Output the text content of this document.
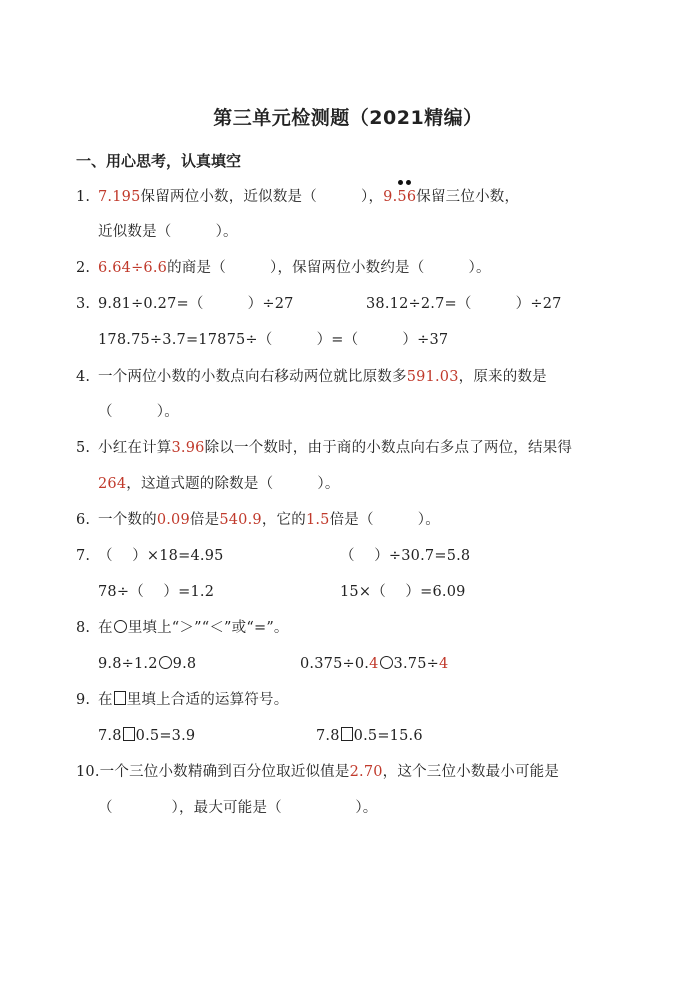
第三单元检测题（2021精编）
一、用心思考，认真填空
1. 7.195保留两位小数，近似数是（　　　），9.
56保留三位小数，
近似数是（　　　）。
2. 6.64÷6.6的商是（　　　），保留两位小数约是（　　　）。
3. 9.81÷0.27=（　　　）÷27	38.12÷2.7=（　　　）÷27
178.75÷3.7=17875÷（　　　）=（　　　）÷37
4. 一个两位小数的小数点向右移动两位就比原数多591.03，原来的数是
（　　　）。
5. 小红在计算3.96除以一个数时，由于商的小数点向右多点了两位，结果得
264，这道式题的除数是（　　　）。
6. 一个数的0.09倍是540.9，它的1.5倍是（　　　）。
7. （　 ）×18=4.95	（　 ）÷30.7=5.8
78÷（　 ）=1.2	15×（　 ）=6.09
8. 在 里填上“＞”“＜”或“=”。
9.8÷1.2 9.8	0.375÷0.4 3.75÷4
9. 在 里填上合适的运算符号。
7.8 0.5=3.9	7.8 0.5=15.6
10.一个三位小数精确到百分位取近似值是2.70，这个三位小数最小可能是
（　　　　），最大可能是（　　　　　）。
